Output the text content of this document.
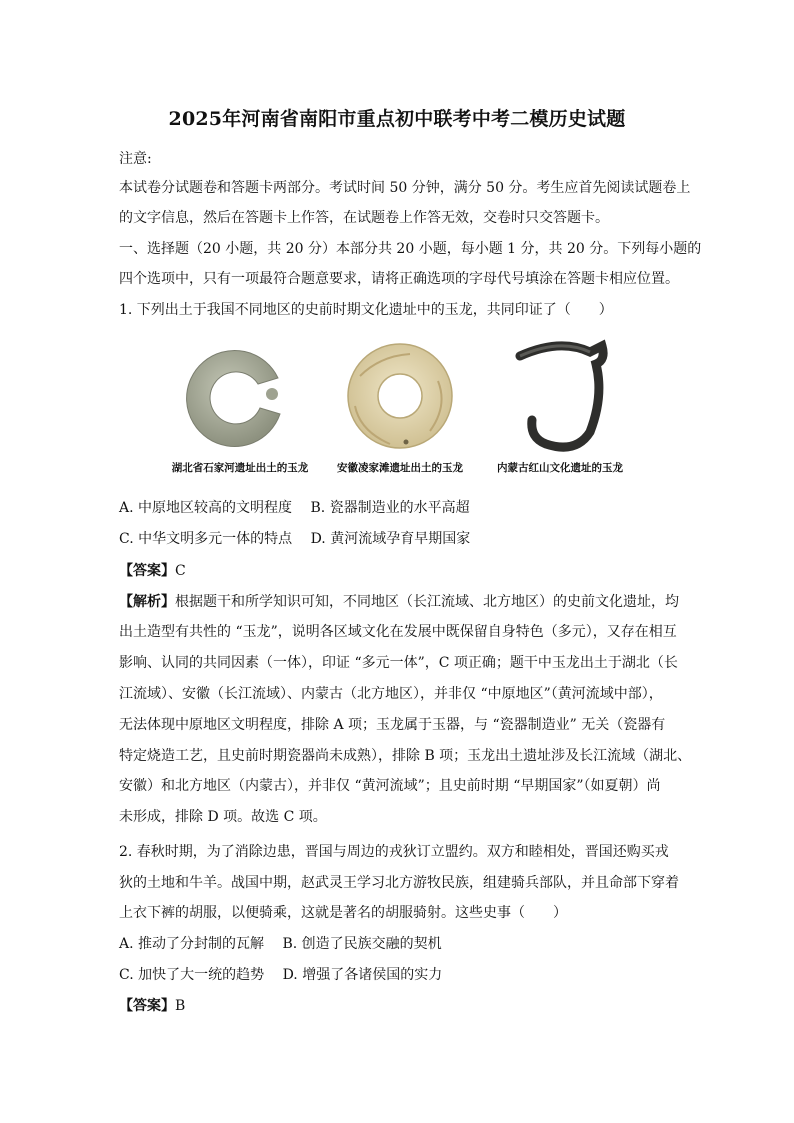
2025年河南省南阳市重点初中联考中考二模历史试题
注意:
本试卷分试题卷和答题卡两部分。考试时间 50 分钟，满分 50 分。考生应首先阅读试题卷上
的文字信息，然后在答题卡上作答，在试题卷上作答无效，交卷时只交答题卡。
一、选择题（20 小题，共 20 分）本部分共 20 小题，每小题 1 分，共 20 分。下列每小题的
四个选项中，只有一项最符合题意要求，请将正确选项的字母代号填涂在答题卡相应位置。
1. 下列出土于我国不同地区的史前时期文化遗址中的玉龙，共同印证了（　　）
湖北省石家河遗址出土的玉龙	安徽凌家滩遗址出土的玉龙	内蒙古红山文化遗址的玉龙
A. 中原地区较高的文明程度　 B. 瓷器制造业的水平高超
C. 中华文明多元一体的特点　 D. 黄河流域孕育早期国家
【答案】C
【解析】根据题干和所学知识可知，不同地区（长江流域、北方地区）的史前文化遗址，均
出土造型有共性的 “玉龙”，说明各区域文化在发展中既保留自身特色（多元），又存在相互
影响、认同的共同因素（一体），印证 “多元一体”，C 项正确；题干中玉龙出土于湖北（长
江流域）、安徽（长江流域）、内蒙古（北方地区），并非仅 “中原地区”（黄河流域中部），
无法体现中原地区文明程度，排除 A 项；玉龙属于玉器，与 “瓷器制造业” 无关（瓷器有
特定烧造工艺，且史前时期瓷器尚未成熟），排除 B 项；玉龙出土遗址涉及长江流域（湖北、
安徽）和北方地区（内蒙古），并非仅 “黄河流域”；且史前时期 “早期国家”（如夏朝）尚
未形成，排除 D 项。故选 C 项。
2. 春秋时期，为了消除边患，晋国与周边的戎狄订立盟约。双方和睦相处，晋国还购买戎
狄的土地和牛羊。战国中期，赵武灵王学习北方游牧民族，组建骑兵部队，并且命部下穿着
上衣下裤的胡服，以便骑乘，这就是著名的胡服骑射。这些史事（　　）
A. 推动了分封制的瓦解　 B. 创造了民族交融的契机
C. 加快了大一统的趋势　 D. 增强了各诸侯国的实力
【答案】B
